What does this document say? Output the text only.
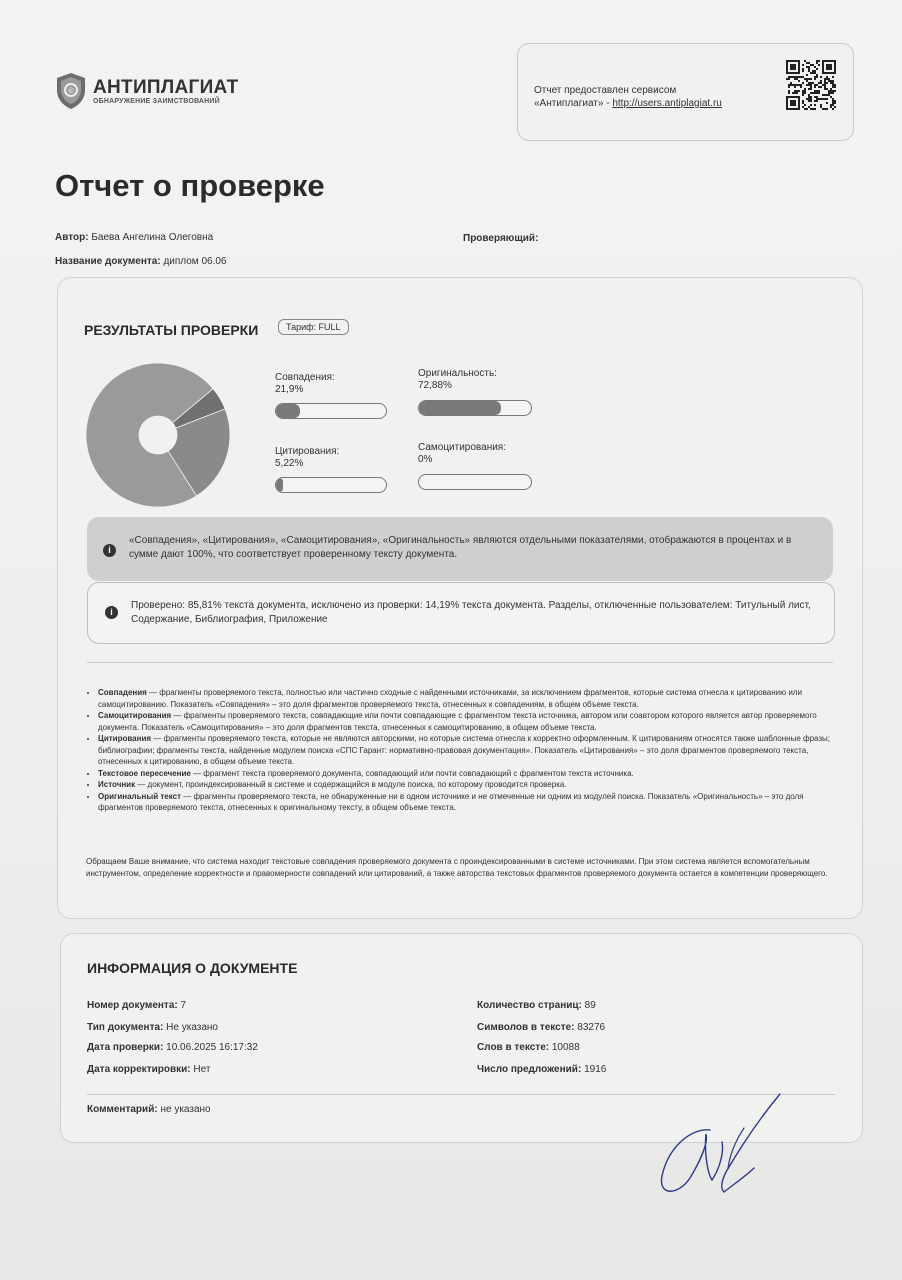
© АНТИПЛАГИАТ
ОБНАРУЖЕНИЕ ЗАИМСТВОВАНИЙ
Отчет предоставлен сервисом
«Антиплагиат» - http://users.antiplagiat.ru
Отчет о проверке
Автор: Баева Ангелина Олеговна
Название документа: диплом 06.06
Проверяющий:
РЕЗУЛЬТАТЫ ПРОВЕРКИ	Тариф: FULL
Совпадения:
21,9%
Оригинальность:
72,88%
Цитирования:
5,22%
Самоцитирования:
0%
i
«Совпадения», «Цитирования», «Самоцитирования», «Оригинальность» являются отдельными показателями, отображаются в процентах и в сумме дают 100%, что соответствует проверенному тексту документа.
i
Проверено: 85,81% текста документа, исключено из проверки: 14,19% текста документа. Разделы, отключенные пользователем: Титульный лист, Содержание, Библиография, Приложение
• Совпадения — фрагменты проверяемого текста, полностью или частично сходные с найденными источниками, за исключением фрагментов, которые система отнесла к цитированию или самоцитированию. Показатель «Совпадения» – это доля фрагментов проверяемого текста, отнесенных к совпадениям, в общем объеме текста.
• Самоцитирования — фрагменты проверяемого текста, совпадающие или почти совпадающие с фрагментом текста источника, автором или соавтором которого является автор проверяемого документа. Показатель «Самоцитирования» – это доля фрагментов текста, отнесенных к самоцитированию, в общем объеме текста.
• Цитирования — фрагменты проверяемого текста, которые не являются авторскими, но которые система отнесла к корректно оформленным. К цитированиям относятся также шаблонные фразы; библиографии; фрагменты текста, найденные модулем поиска «СПС Гарант: нормативно-правовая документация». Показатель «Цитирования» – это доля фрагментов проверяемого текста, отнесенных к цитированию, в общем объеме текста.
• Текстовое пересечение — фрагмент текста проверяемого документа, совпадающий или почти совпадающий с фрагментом текста источника.
• Источник — документ, проиндексированный в системе и содержащийся в модуле поиска, по которому проводится проверка.
• Оригинальный текст — фрагменты проверяемого текста, не обнаруженные ни в одном источнике и не отмеченные ни одним из модулей поиска. Показатель «Оригинальность» – это доля фрагментов проверяемого текста, отнесенных к оригинальному тексту, в общем объеме текста.
Обращаем Ваше внимание, что система находит текстовые совпадения проверяемого документа с проиндексированными в системе источниками. При этом система является вспомогательным инструментом, определение корректности и правомерности совпадений или цитирований, а также авторства текстовых фрагментов проверяемого документа остается в компетенции проверяющего.
ИНФОРМАЦИЯ О ДОКУМЕНТЕ
Номер документа: 7
Тип документа: Не указано
Дата проверки: 10.06.2025 16:17:32
Дата корректировки: Нет
Количество страниц: 89
Символов в тексте: 83276
Слов в тексте: 10088
Число предложений: 1916
Комментарий: не указано
